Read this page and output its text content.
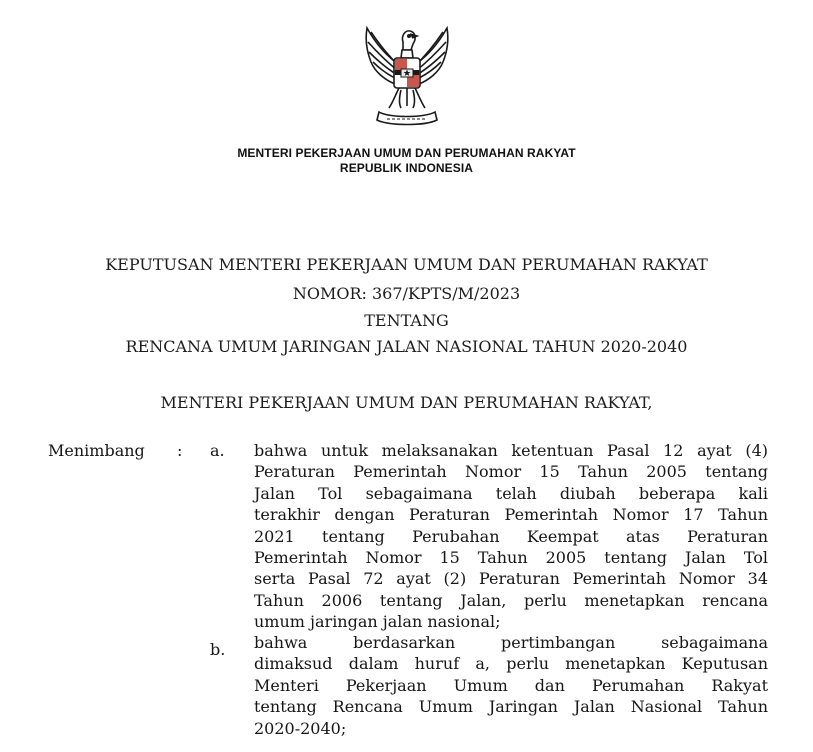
MENTERI PEKERJAAN UMUM DAN PERUMAHAN RAKYAT
REPUBLIK INDONESIA
KEPUTUSAN MENTERI PEKERJAAN UMUM DAN PERUMAHAN RAKYAT
NOMOR: 367/KPTS/M/2023
TENTANG
RENCANA UMUM JARINGAN JALAN NASIONAL TAHUN 2020-2040
MENTERI PEKERJAAN UMUM DAN PERUMAHAN RAKYAT,
Menimbang : a. bahwa untuk melaksanakan ketentuan Pasal 12 ayat (4)
Peraturan Pemerintah Nomor 15 Tahun 2005 tentang
Jalan Tol sebagaimana telah diubah beberapa kali
terakhir dengan Peraturan Pemerintah Nomor 17 Tahun
2021 tentang Perubahan Keempat atas Peraturan
Pemerintah Nomor 15 Tahun 2005 tentang Jalan Tol
serta Pasal 72 ayat (2) Peraturan Pemerintah Nomor 34
Tahun 2006 tentang Jalan, perlu menetapkan rencana
umum jaringan jalan nasional;

b. bahwa berdasarkan pertimbangan sebagaimana
dimaksud dalam huruf a, perlu menetapkan Keputusan
Menteri Pekerjaan Umum dan Perumahan Rakyat
tentang Rencana Umum Jaringan Jalan Nasional Tahun
2020-2040;
